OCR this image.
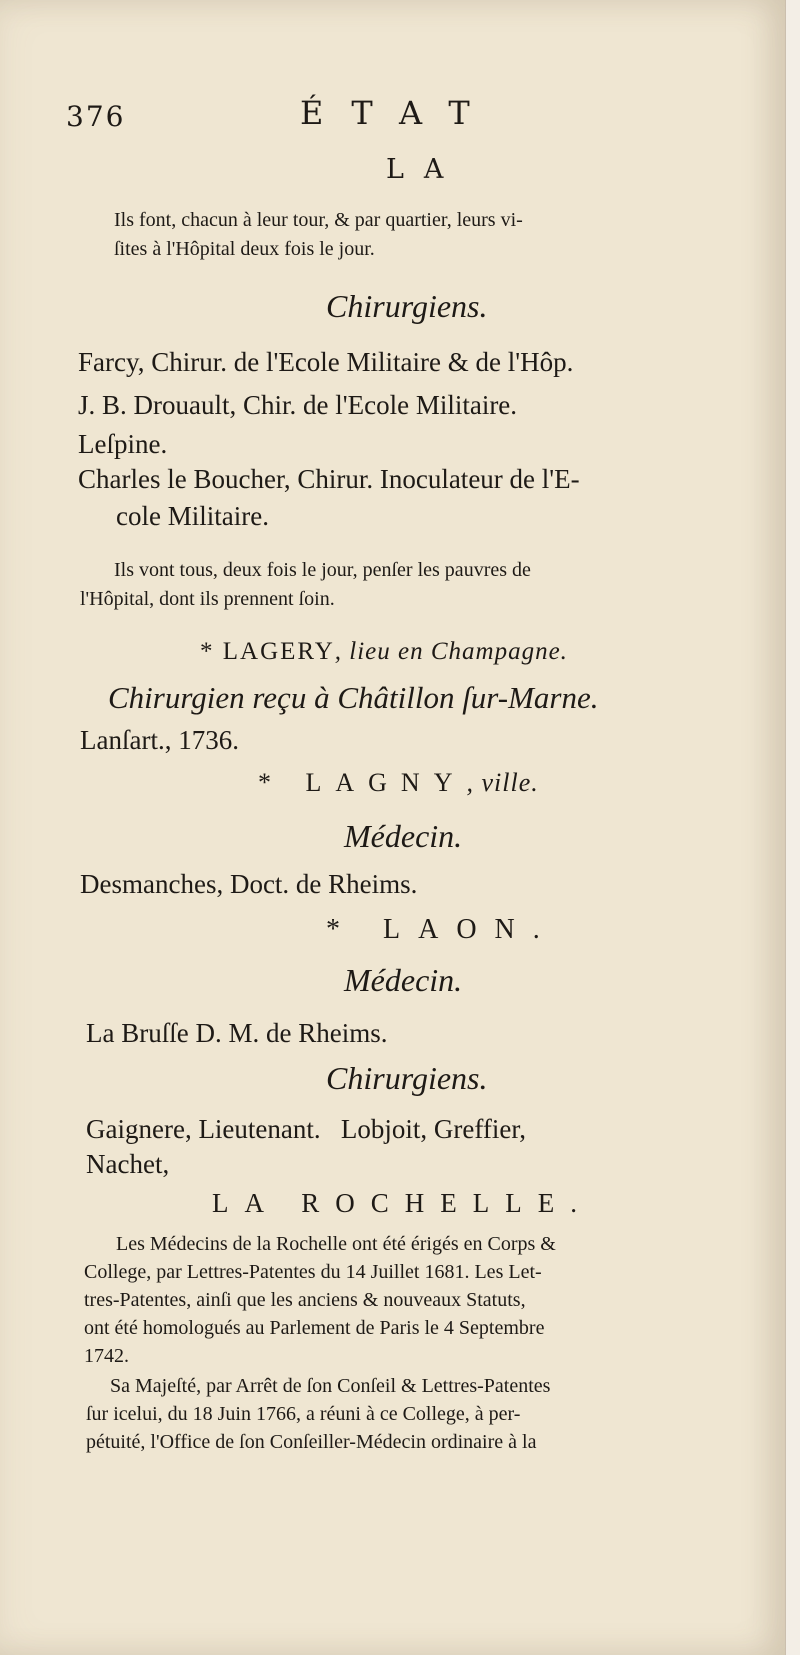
376	ÉTAT
LA
Ils font, chacun à leur tour, & par quartier, leurs vi-
ſites à l'Hôpital deux fois le jour.
Chirurgiens.
Farcy, Chirur. de l'Ecole Militaire & de l'Hôp.
J. B. Drouault, Chir. de l'Ecole Militaire.
Leſpine.
Charles le Boucher, Chirur. Inoculateur de l'E-
cole Militaire.
Ils vont tous, deux fois le jour, penſer les pauvres de
l'Hôpital, dont ils prennent ſoin.
* LAGERY, lieu en Champagne.
Chirurgien reçu à Châtillon ſur-Marne.
Lanſart., 1736.
* LAGNY, ville.
Médecin.
Desmanches, Doct. de Rheims.
* LAON.
Médecin.
La Bruſſe D. M. de Rheims.
Chirurgiens.
Gaignere, Lieutenant.   Lobjoit, Greffier,
Nachet,
LA ROCHELLE.
Les Médecins de la Rochelle ont été érigés en Corps &
College, par Lettres-Patentes du 14 Juillet 1681. Les Let-
tres-Patentes, ainſi que les anciens & nouveaux Statuts,
ont été homologués au Parlement de Paris le 4 Septembre
1742.
Sa Majeſté, par Arrêt de ſon Conſeil & Lettres-Patentes
ſur icelui, du 18 Juin 1766, a réuni à ce College, à per-
pétuité, l'Office de ſon Conſeiller-Médecin ordinaire à la
